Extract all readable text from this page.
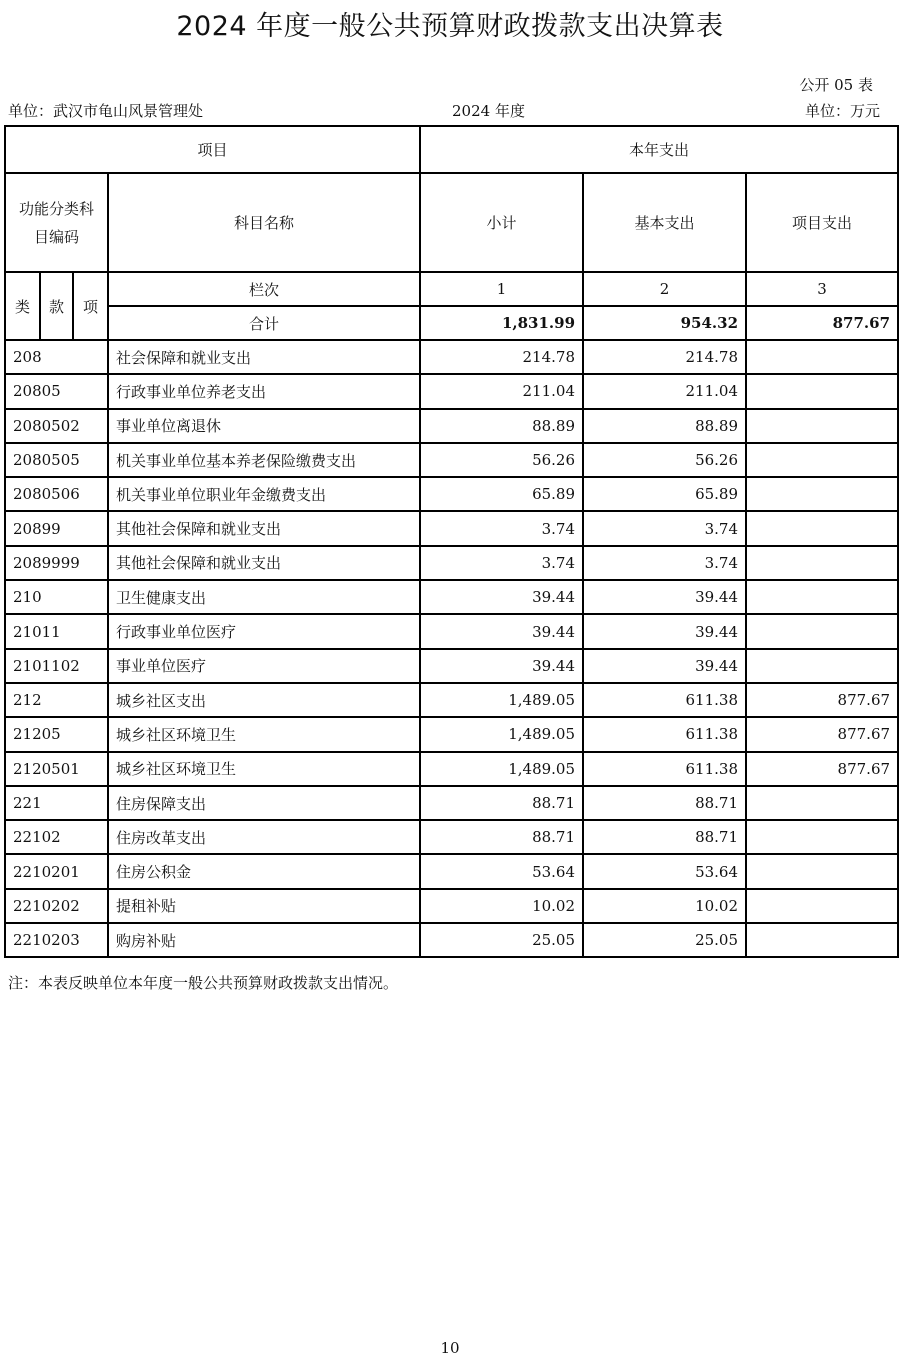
2024 年度一般公共预算财政拨款支出决算表
公开 05 表
单位：武汉市龟山风景管理处	2024 年度	单位：万元
项目				本年支出		
功能分类科目编码			科目名称	小计	基本支出	项目支出
类	款	项	栏次	1	2	3
			合计	1,831.99	954.32	877.67
208			社会保障和就业支出	214.78	214.78	
20805			行政事业单位养老支出	211.04	211.04	
2080502			事业单位离退休	88.89	88.89	
2080505			机关事业单位基本养老保险缴费支出	56.26	56.26	
2080506			机关事业单位职业年金缴费支出	65.89	65.89	
20899			其他社会保障和就业支出	3.74	3.74	
2089999			其他社会保障和就业支出	3.74	3.74	
210			卫生健康支出	39.44	39.44	
21011			行政事业单位医疗	39.44	39.44	
2101102			事业单位医疗	39.44	39.44	
212			城乡社区支出	1,489.05	611.38	877.67
21205			城乡社区环境卫生	1,489.05	611.38	877.67
2120501			城乡社区环境卫生	1,489.05	611.38	877.67
221			住房保障支出	88.71	88.71	
22102			住房改革支出	88.71	88.71	
2210201			住房公积金	53.64	53.64	
2210202			提租补贴	10.02	10.02	
2210203			购房补贴	25.05	25.05	
注：本表反映单位本年度一般公共预算财政拨款支出情况。
10
